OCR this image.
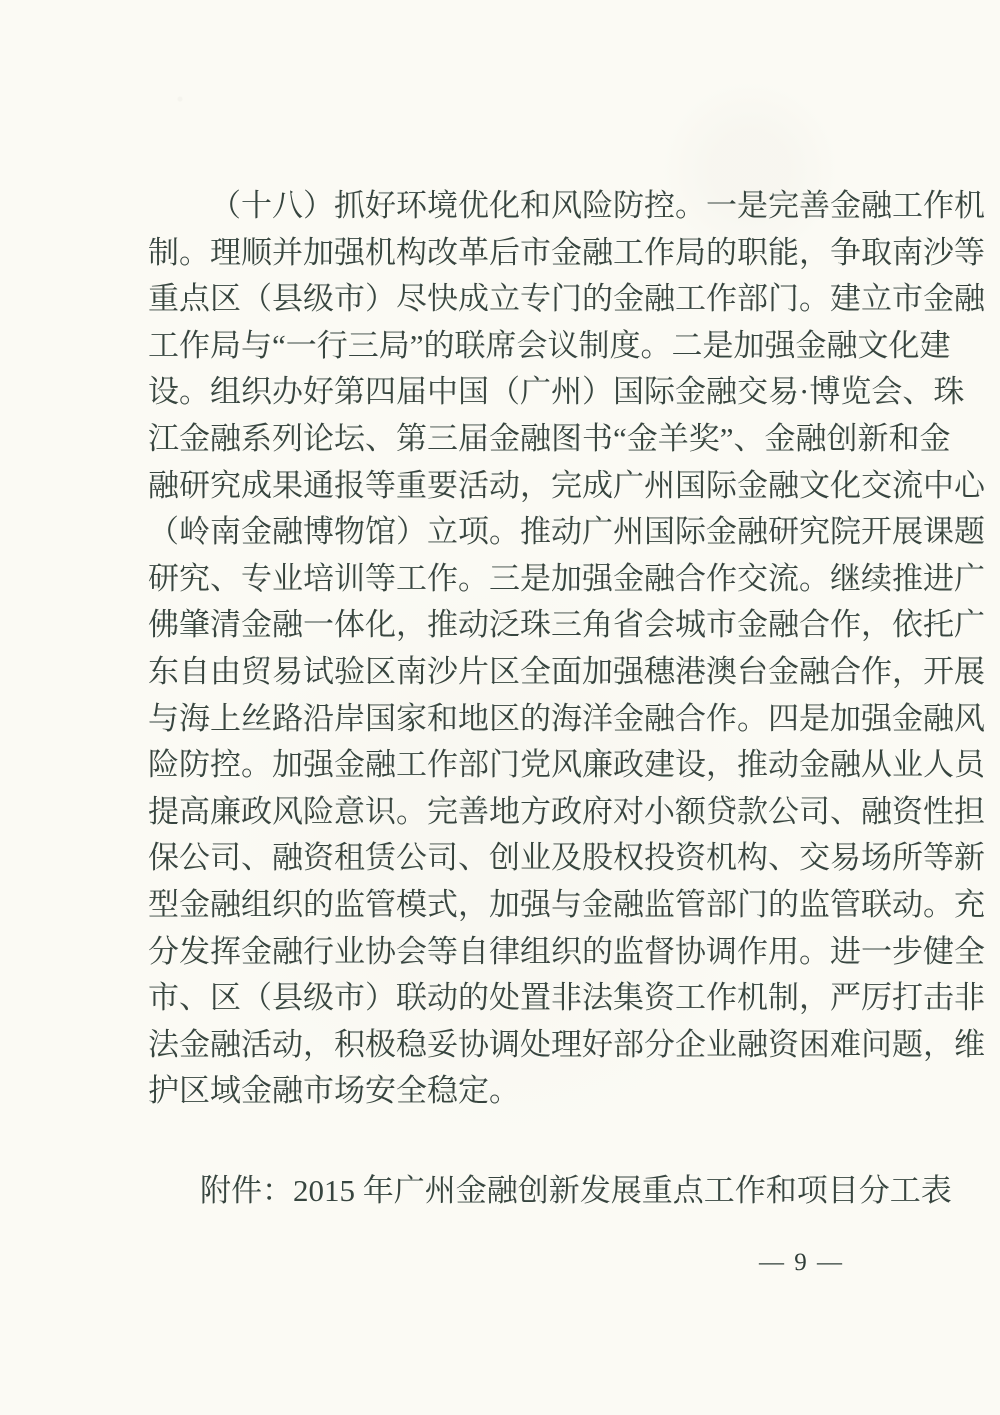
（十八）抓好环境优化和风险防控。一是完善金融工作机
制。理顺并加强机构改革后市金融工作局的职能，争取南沙等
重点区（县级市）尽快成立专门的金融工作部门。建立市金融
工作局与“一行三局”的联席会议制度。二是加强金融文化建
设。组织办好第四届中国（广州）国际金融交易·博览会、珠
江金融系列论坛、第三届金融图书“金羊奖”、金融创新和金
融研究成果通报等重要活动，完成广州国际金融文化交流中心
（岭南金融博物馆）立项。推动广州国际金融研究院开展课题
研究、专业培训等工作。三是加强金融合作交流。继续推进广
佛肇清金融一体化，推动泛珠三角省会城市金融合作，依托广
东自由贸易试验区南沙片区全面加强穗港澳台金融合作，开展
与海上丝路沿岸国家和地区的海洋金融合作。四是加强金融风
险防控。加强金融工作部门党风廉政建设，推动金融从业人员
提高廉政风险意识。完善地方政府对小额贷款公司、融资性担
保公司、融资租赁公司、创业及股权投资机构、交易场所等新
型金融组织的监管模式，加强与金融监管部门的监管联动。充
分发挥金融行业协会等自律组织的监督协调作用。进一步健全
市、区（县级市）联动的处置非法集资工作机制，严厉打击非
法金融活动，积极稳妥协调处理好部分企业融资困难问题，维
护区域金融市场安全稳定。
附件：2015 年广州金融创新发展重点工作和项目分工表
— 9 —
